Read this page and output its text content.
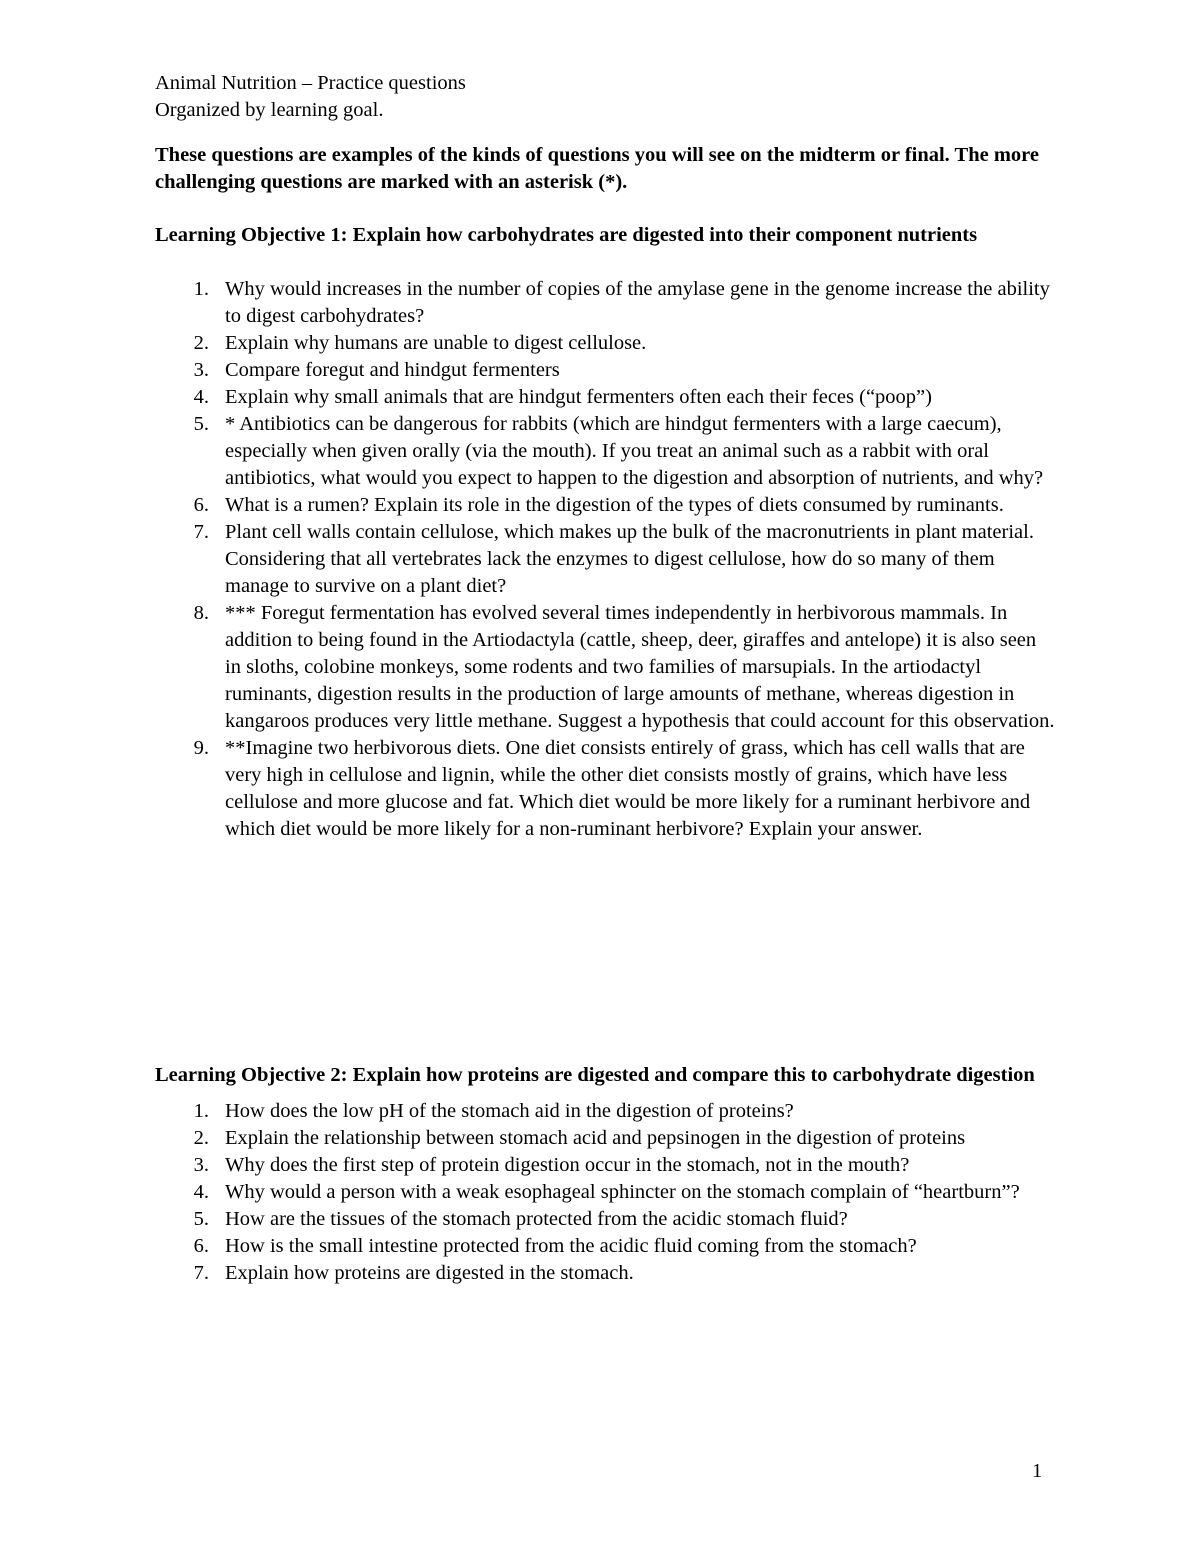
Animal Nutrition – Practice questions

Organized by learning goal.

These questions are examples of the kinds of questions you will see on the midterm or final. The more challenging questions are marked with an asterisk (*).

Learning Objective 1: Explain how carbohydrates are digested into their component nutrients

1. Why would increases in the number of copies of the amylase gene in the genome increase the ability to digest carbohydrates?
2. Explain why humans are unable to digest cellulose.
3. Compare foregut and hindgut fermenters
4. Explain why small animals that are hindgut fermenters often each their feces (“poop”)
5. * Antibiotics can be dangerous for rabbits (which are hindgut fermenters with a large caecum), especially when given orally (via the mouth). If you treat an animal such as a rabbit with oral antibiotics, what would you expect to happen to the digestion and absorption of nutrients, and why?
6. What is a rumen? Explain its role in the digestion of the types of diets consumed by ruminants.
7. Plant cell walls contain cellulose, which makes up the bulk of the macronutrients in plant material. Considering that all vertebrates lack the enzymes to digest cellulose, how do so many of them manage to survive on a plant diet?
8. *** Foregut fermentation has evolved several times independently in herbivorous mammals. In addition to being found in the Artiodactyla (cattle, sheep, deer, giraffes and antelope) it is also seen in sloths, colobine monkeys, some rodents and two families of marsupials. In the artiodactyl ruminants, digestion results in the production of large amounts of methane, whereas digestion in kangaroos produces very little methane. Suggest a hypothesis that could account for this observation.
9. **Imagine two herbivorous diets. One diet consists entirely of grass, which has cell walls that are very high in cellulose and lignin, while the other diet consists mostly of grains, which have less cellulose and more glucose and fat. Which diet would be more likely for a ruminant herbivore and which diet would be more likely for a non-ruminant herbivore? Explain your answer.

Learning Objective 2: Explain how proteins are digested and compare this to carbohydrate digestion

1. How does the low pH of the stomach aid in the digestion of proteins?
2. Explain the relationship between stomach acid and pepsinogen in the digestion of proteins
3. Why does the first step of protein digestion occur in the stomach, not in the mouth?
4. Why would a person with a weak esophageal sphincter on the stomach complain of “heartburn”?
5. How are the tissues of the stomach protected from the acidic stomach fluid?
6. How is the small intestine protected from the acidic fluid coming from the stomach?
7. Explain how proteins are digested in the stomach.
1
